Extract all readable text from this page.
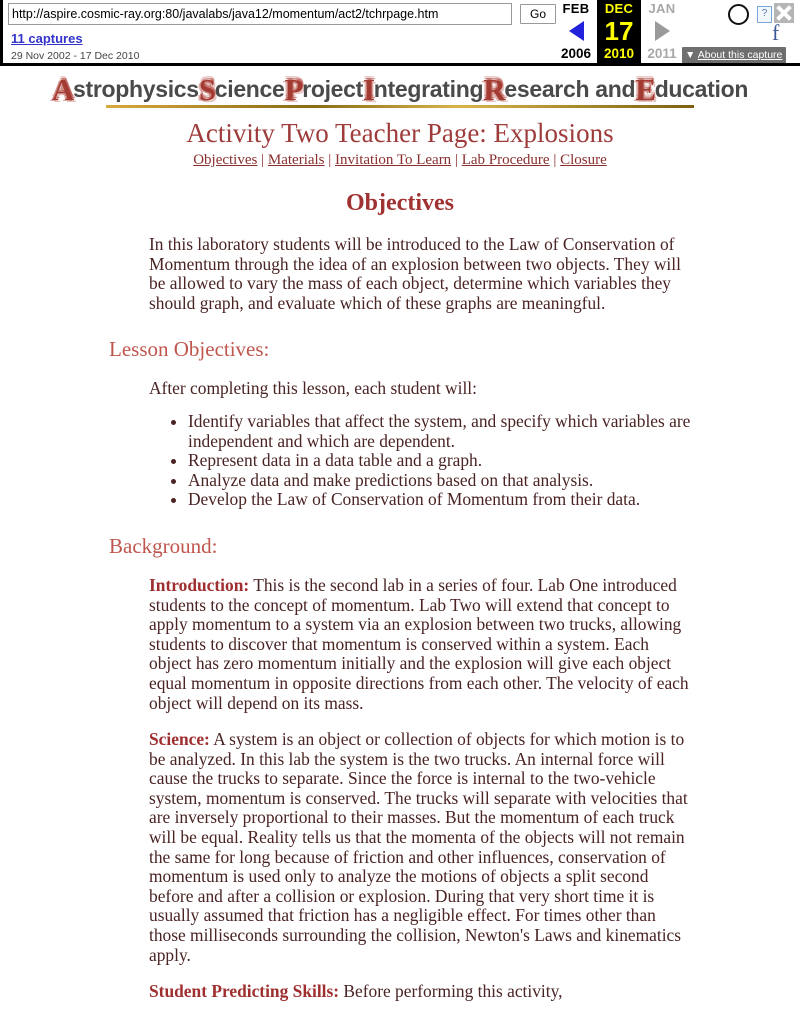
http://aspire.cosmic-ray.org:80/javalabs/java12/momentum/act2/tchrpage.htm
Go
11 captures
29 Nov 2002 - 17 Dec 2010
FEB
2006
DEC
17
2010
JAN
2011
?
f
▼ About this capture
AstrophysicsScienceProjectIntegratingResearch andEducation
Activity Two Teacher Page: Explosions
Objectives | Materials | Invitation To Learn | Lab Procedure | Closure
Objectives

In this laboratory students will be introduced to the Law of Conservation of Momentum through the idea of an explosion between two objects. They will be allowed to vary the mass of each object, determine which variables they should graph, and evaluate which of these graphs are meaningful.

Lesson Objectives:

After completing this lesson, each student will:

• Identify variables that affect the system, and specify which variables are independent and which are dependent.
• Represent data in a data table and a graph.
• Analyze data and make predictions based on that analysis.
• Develop the Law of Conservation of Momentum from their data.
Background:

Introduction: This is the second lab in a series of four. Lab One introduced students to the concept of momentum. Lab Two will extend that concept to apply momentum to a system via an explosion between two trucks, allowing students to discover that momentum is conserved within a system. Each object has zero momentum initially and the explosion will give each object equal momentum in opposite directions from each other. The velocity of each object will depend on its mass.

Science: A system is an object or collection of objects for which motion is to be analyzed. In this lab the system is the two trucks. An internal force will cause the trucks to separate. Since the force is internal to the two-vehicle system, momentum is conserved. The trucks will separate with velocities that are inversely proportional to their masses. But the momentum of each truck will be equal. Reality tells us that the momenta of the objects will not remain the same for long because of friction and other influences, conservation of momentum is used only to analyze the motions of objects a split second before and after a collision or explosion. During that very short time it is usually assumed that friction has a negligible effect. For times other than those milliseconds surrounding the collision, Newton's Laws and kinematics apply.

Student Predicting Skills: Before performing this activity,
